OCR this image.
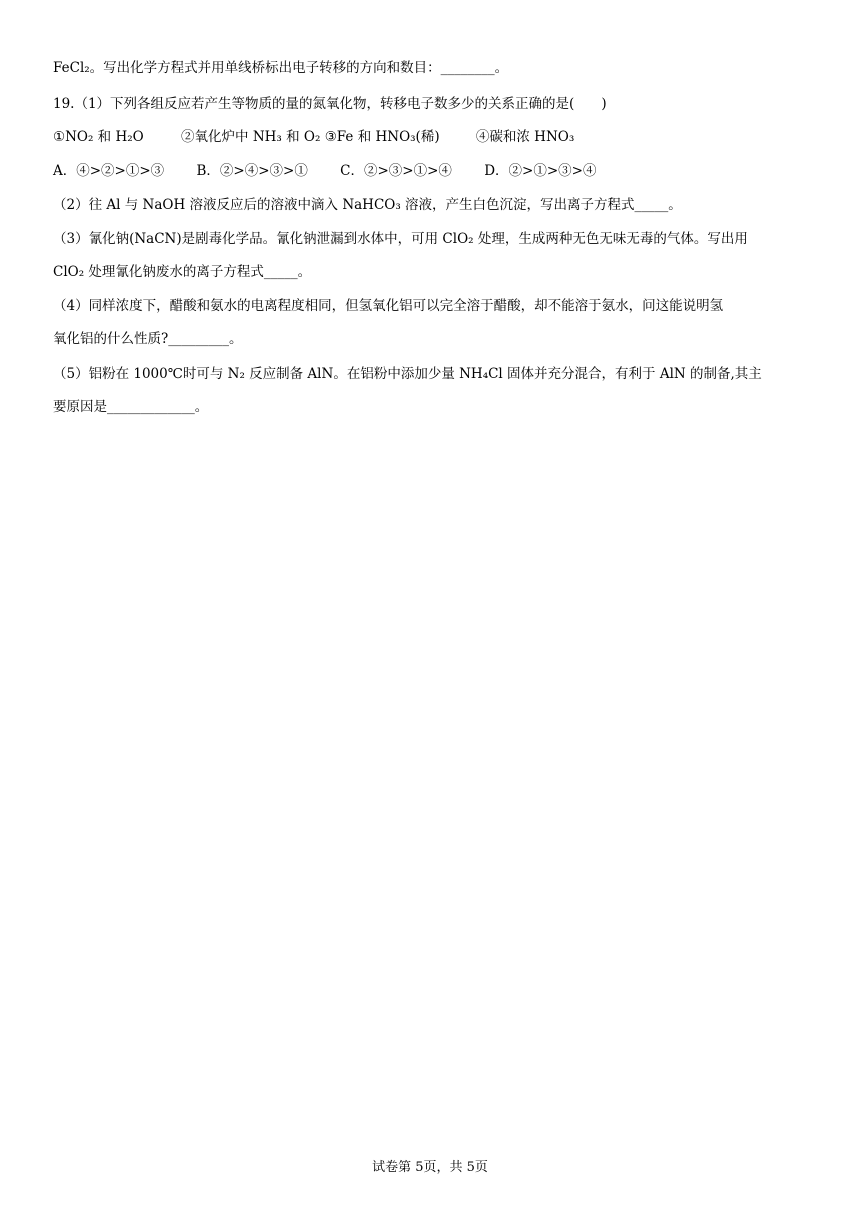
FeCl₂。写出化学方程式并用单线桥标出电子转移的方向和数目：________。
19.（1）下列各组反应若产生等物质的量的氮氧化物，转移电子数多少的关系正确的是(　　)
①NO₂ 和 H₂O	②氧化炉中 NH₃ 和 O₂ ③Fe 和 HNO₃(稀)	④碳和浓 HNO₃
A．④>②>①>③ B．②>④>③>① C．②>③>①>④ D．②>①>③>④
（2）往 Al 与 NaOH 溶液反应后的溶液中滴入 NaHCO₃ 溶液，产生白色沉淀，写出离子方程式_____。
（3）氰化钠(NaCN)是剧毒化学品。氰化钠泄漏到水体中，可用 ClO₂ 处理，生成两种无色无味无毒的气体。写出用
ClO₂ 处理氰化钠废水的离子方程式_____。
（4）同样浓度下，醋酸和氨水的电离程度相同，但氢氧化铝可以完全溶于醋酸，却不能溶于氨水，问这能说明氢
氧化铝的什么性质?_________。
（5）铝粉在 1000℃时可与 N₂ 反应制备 AlN。在铝粉中添加少量 NH₄Cl 固体并充分混合，有利于 AlN 的制备,其主
要原因是_____________。
试卷第 5页，共 5页
